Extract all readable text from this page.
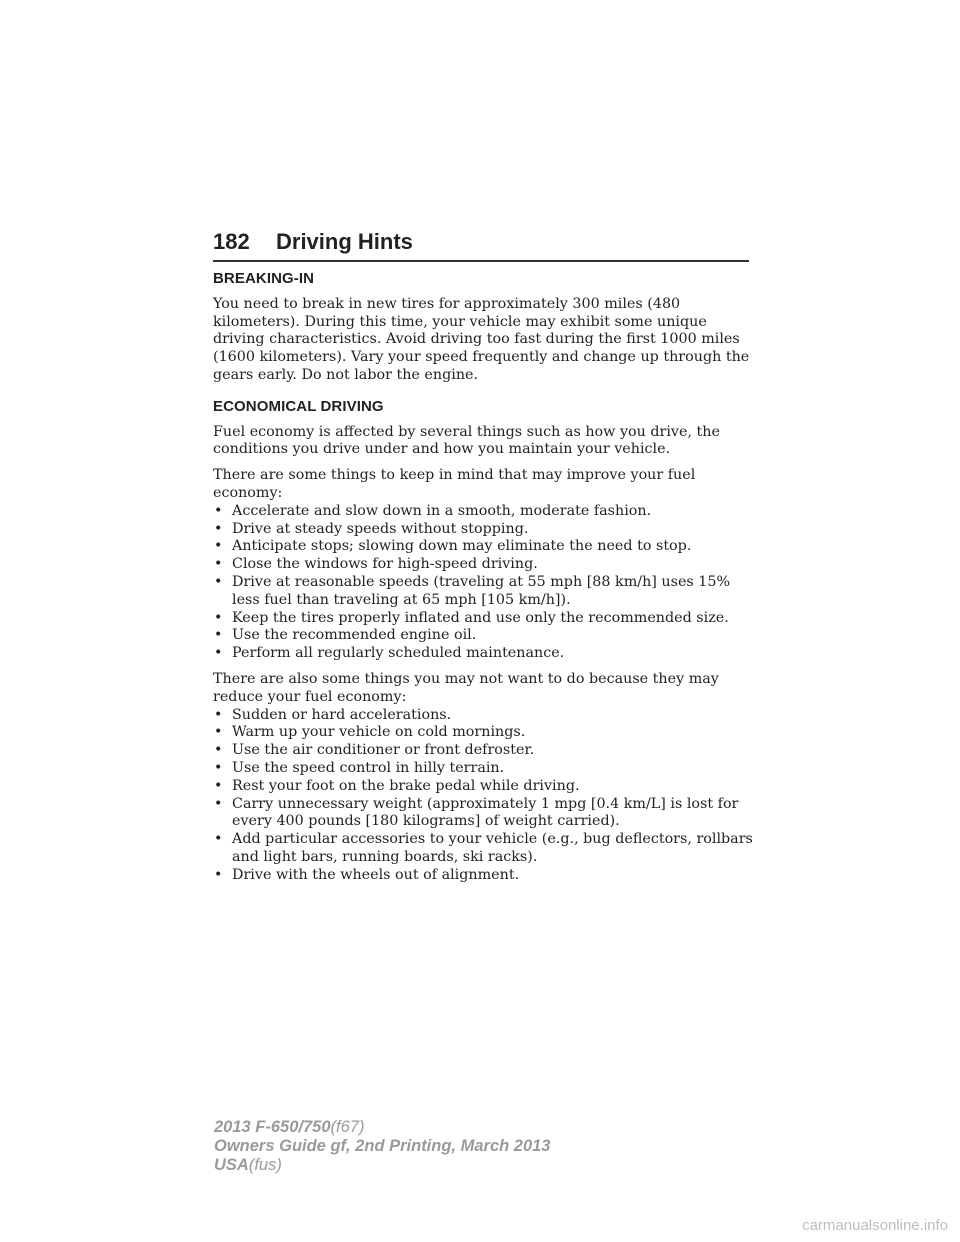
182 Driving Hints
BREAKING-IN

You need to break in new tires for approximately 300 miles (480 kilometers). During this time, your vehicle may exhibit some unique driving characteristics. Avoid driving too fast during the first 1000 miles (1600 kilometers). Vary your speed frequently and change up through the gears early. Do not labor the engine.

ECONOMICAL DRIVING

Fuel economy is affected by several things such as how you drive, the conditions you drive under and how you maintain your vehicle.

There are some things to keep in mind that may improve your fuel economy:

• Accelerate and slow down in a smooth, moderate fashion.
• Drive at steady speeds without stopping.
• Anticipate stops; slowing down may eliminate the need to stop.
• Close the windows for high-speed driving.
• Drive at reasonable speeds (traveling at 55 mph [88 km/h] uses 15% less fuel than traveling at 65 mph [105 km/h]).
• Keep the tires properly inflated and use only the recommended size.
• Use the recommended engine oil.
• Perform all regularly scheduled maintenance.

There are also some things you may not want to do because they may reduce your fuel economy:

• Sudden or hard accelerations.
• Warm up your vehicle on cold mornings.
• Use the air conditioner or front defroster.
• Use the speed control in hilly terrain.
• Rest your foot on the brake pedal while driving.
• Carry unnecessary weight (approximately 1 mpg [0.4 km/L] is lost for every 400 pounds [180 kilograms] of weight carried).
• Add particular accessories to your vehicle (e.g., bug deflectors, rollbars and light bars, running boards, ski racks).
• Drive with the wheels out of alignment.
2013 F-650/750(f67)
Owners Guide gf, 2nd Printing, March 2013
USA(fus)
carmanualsonline.info
